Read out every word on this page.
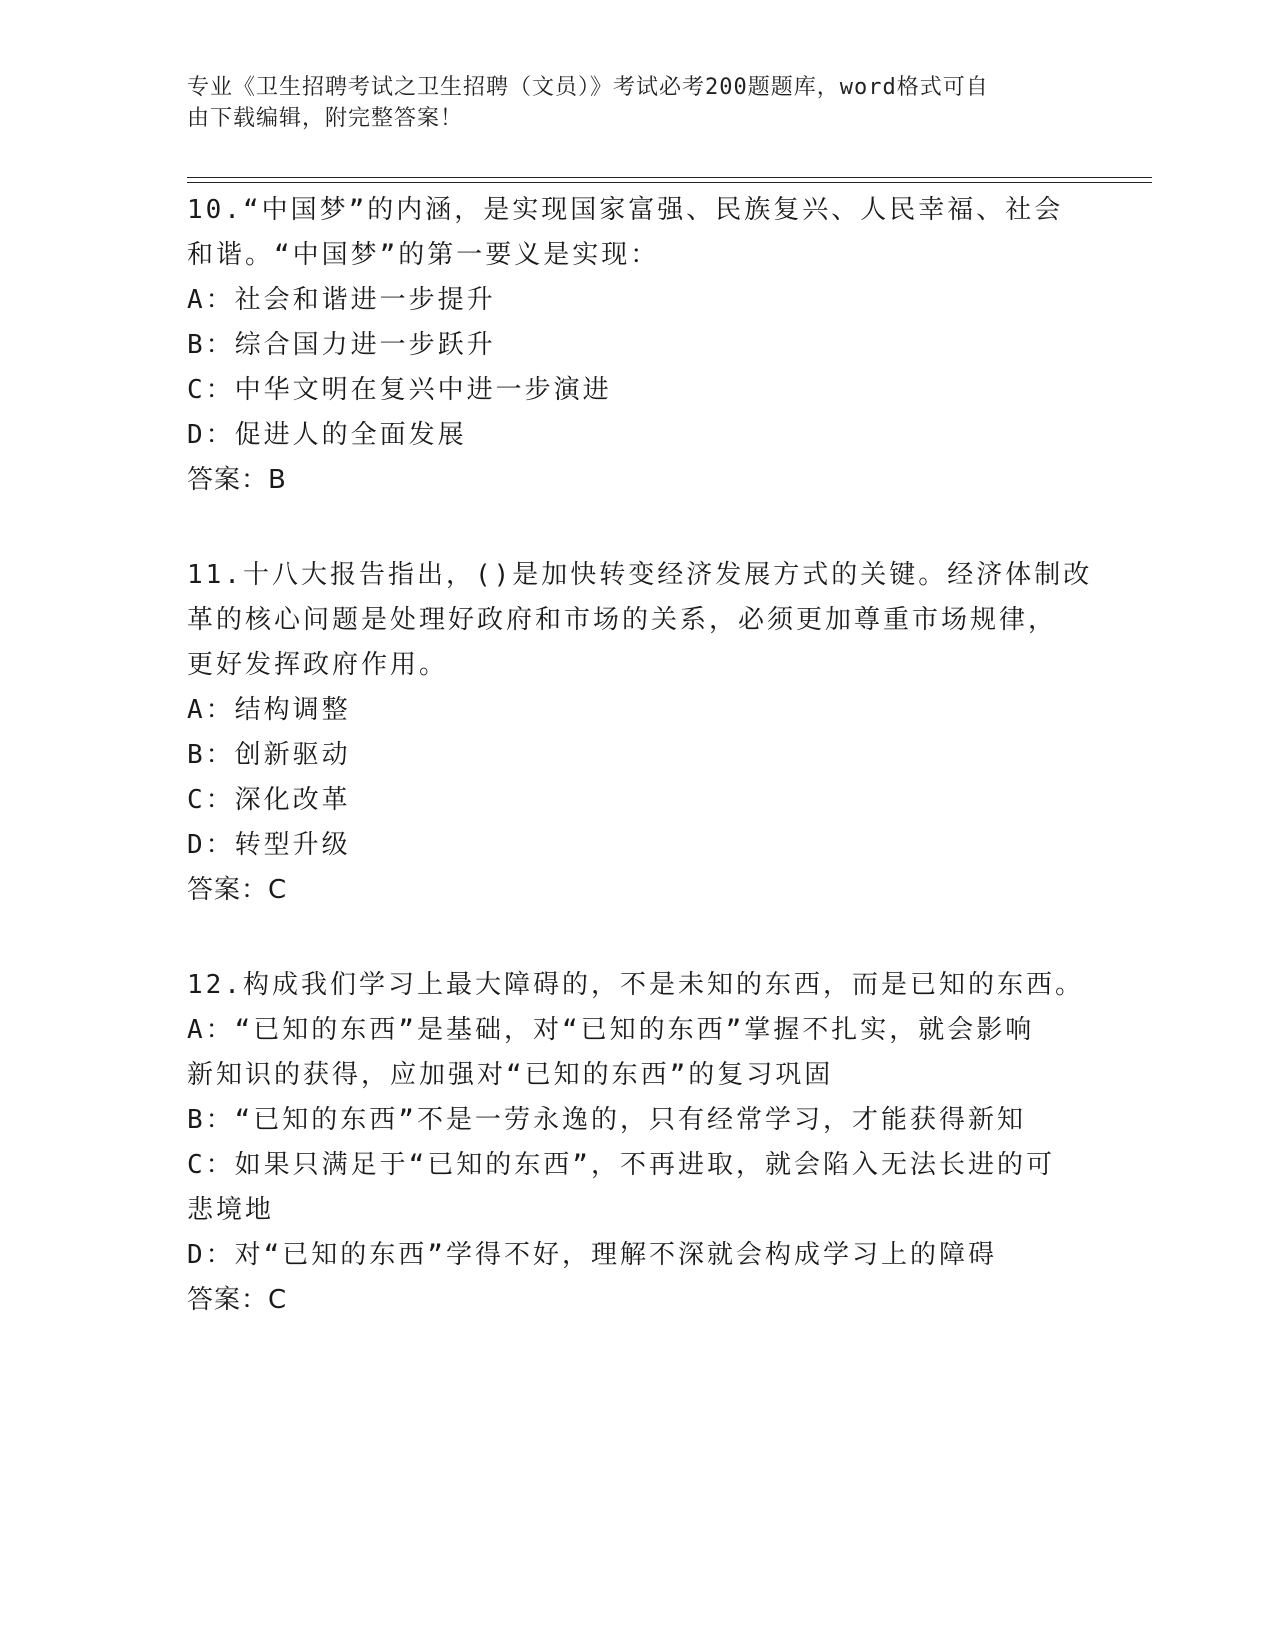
专业《卫生招聘考试之卫生招聘（文员）》考试必考200题题库，word格式可自
由下载编辑，附完整答案！

10.“中国梦”的内涵，是实现国家富强、民族复兴、人民幸福、社会

和谐。“中国梦”的第一要义是实现：

A：社会和谐进一步提升

B：综合国力进一步跃升

C：中华文明在复兴中进一步演进

D：促进人的全面发展

答案：B

11.十八大报告指出，()是加快转变经济发展方式的关键。经济体制改

革的核心问题是处理好政府和市场的关系，必须更加尊重市场规律，

更好发挥政府作用。

A：结构调整

B：创新驱动

C：深化改革

D：转型升级

答案：C

12.构成我们学习上最大障碍的，不是未知的东西，而是已知的东西。

A：“已知的东西”是基础，对“已知的东西”掌握不扎实，就会影响

新知识的获得，应加强对“已知的东西”的复习巩固

B：“已知的东西”不是一劳永逸的，只有经常学习，才能获得新知

C：如果只满足于“已知的东西”，不再进取，就会陷入无法长进的可

悲境地

D：对“已知的东西”学得不好，理解不深就会构成学习上的障碍

答案：C
